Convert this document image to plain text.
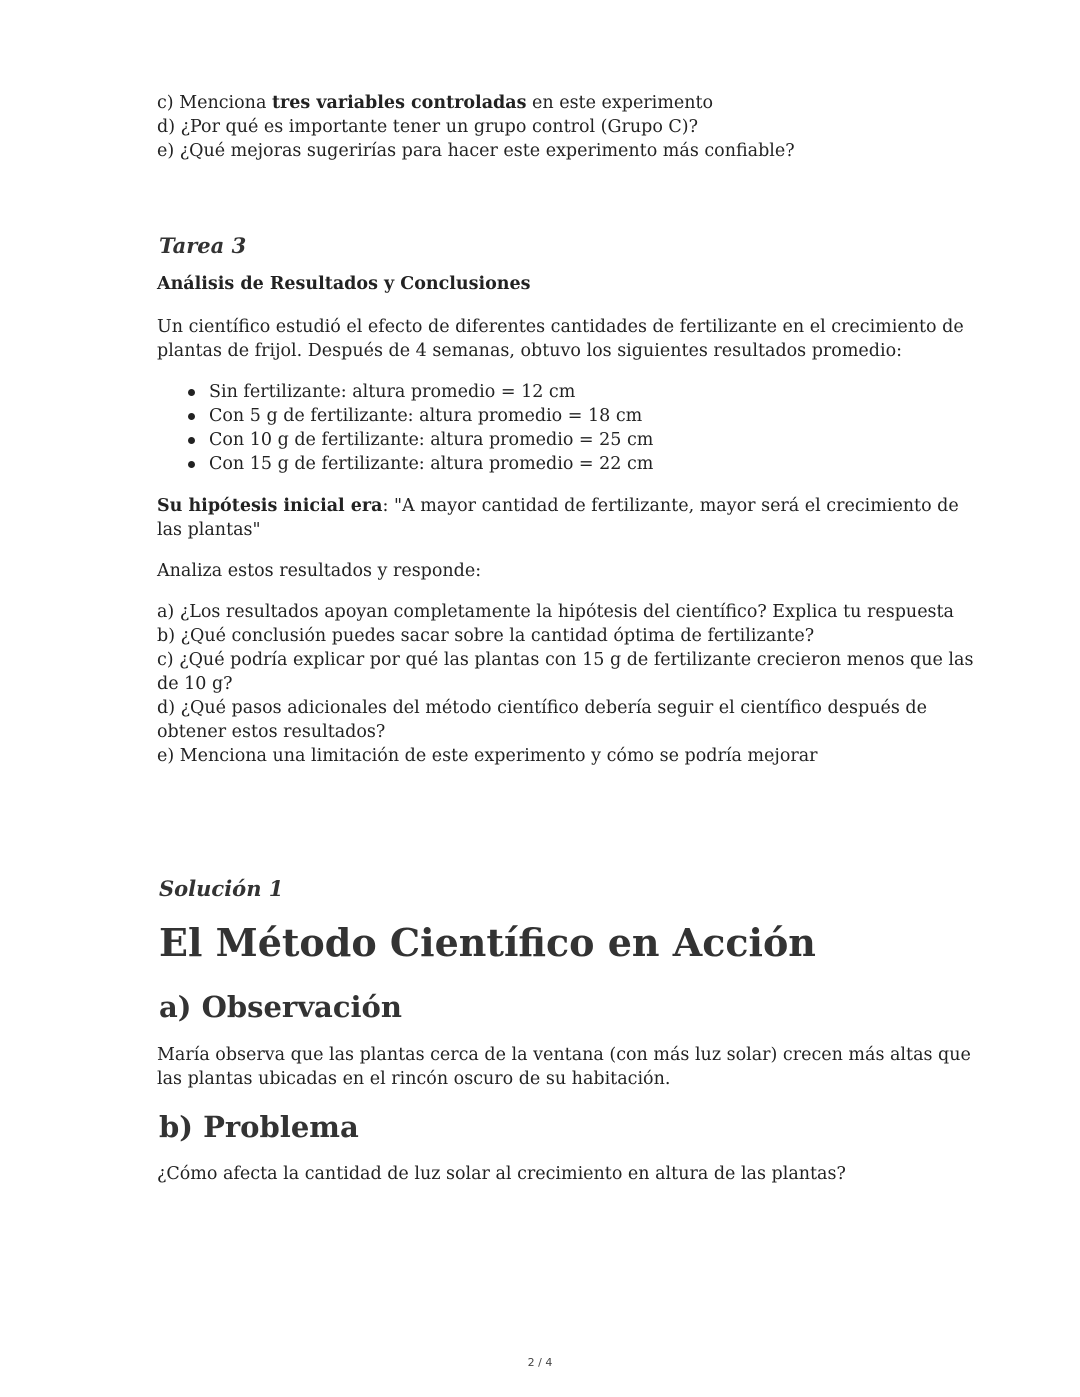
c) Menciona tres variables controladas en este experimento
d) ¿Por qué es importante tener un grupo control (Grupo C)?
e) ¿Qué mejoras sugerirías para hacer este experimento más confiable?
Tarea 3
Análisis de Resultados y Conclusiones
Un científico estudió el efecto de diferentes cantidades de fertilizante en el crecimiento de
plantas de frijol. Después de 4 semanas, obtuvo los siguientes resultados promedio:
Sin fertilizante: altura promedio = 12 cm
Con 5 g de fertilizante: altura promedio = 18 cm
Con 10 g de fertilizante: altura promedio = 25 cm
Con 15 g de fertilizante: altura promedio = 22 cm
Su hipótesis inicial era: "A mayor cantidad de fertilizante, mayor será el crecimiento de
las plantas"
Analiza estos resultados y responde:
a) ¿Los resultados apoyan completamente la hipótesis del científico? Explica tu respuesta
b) ¿Qué conclusión puedes sacar sobre la cantidad óptima de fertilizante?
c) ¿Qué podría explicar por qué las plantas con 15 g de fertilizante crecieron menos que las
de 10 g?
d) ¿Qué pasos adicionales del método científico debería seguir el científico después de
obtener estos resultados?
e) Menciona una limitación de este experimento y cómo se podría mejorar
Solución 1
El Método Científico en Acción
a) Observación
María observa que las plantas cerca de la ventana (con más luz solar) crecen más altas que
las plantas ubicadas en el rincón oscuro de su habitación.
b) Problema
¿Cómo afecta la cantidad de luz solar al crecimiento en altura de las plantas?
2 / 4
